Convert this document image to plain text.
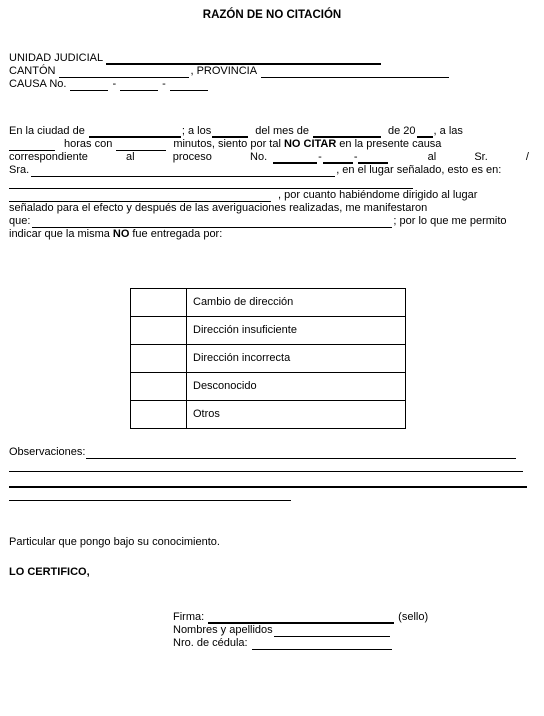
RAZÓN DE NO CITACIÓN
UNIDAD JUDICIAL
CANTÓN	, PROVINCIA
CAUSA No.	-	-
En la ciudad de	; a los	del mes de	de 20 , a las
horas con	minutos, siento por tal NO CITAR en la presente causa
correspondiente	al	proceso	No.	-	-	al	Sr.	/
Sra.	, en el lugar señalado, esto es en:
, por cuanto habiéndome dirigido al lugar
señalado para el efecto y después de las averiguaciones realizadas, me manifestaron
que:	; por lo que me permito
indicar que la misma NO fue entregada por:
	Cambio de dirección
	Dirección insuficiente
	Dirección incorrecta
	Desconocido
	Otros
Observaciones:
Particular que pongo bajo su conocimiento.
LO CERTIFICO,
Firma:	(sello)
Nombres y apellidos
Nro. de cédula:
